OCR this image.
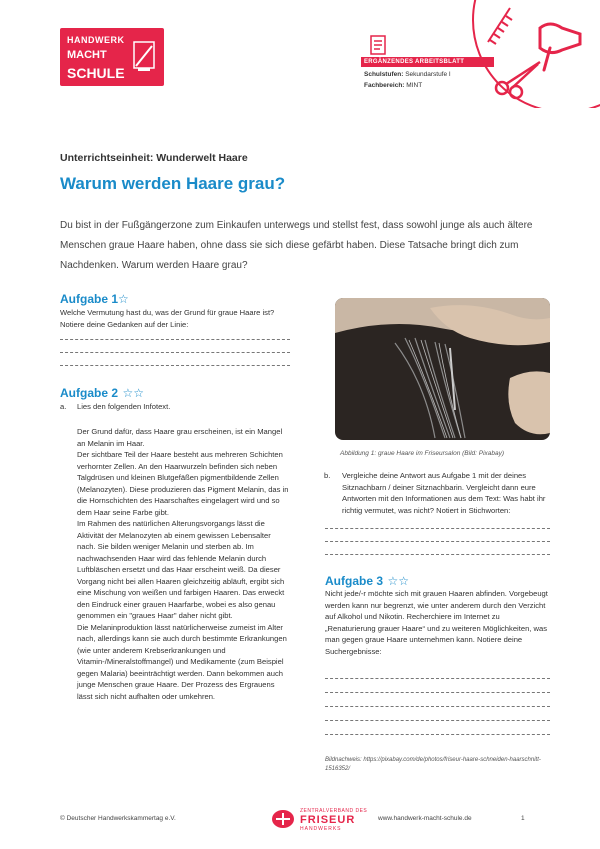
HANDWERK
MACHT
SCHULE
ERGÄNZENDES ARBEITSBLATT
Schulstufen: Sekundarstufe I
Fachbereich: MINT
Unterrichtseinheit: Wunderwelt Haare
Warum werden Haare grau?
Du bist in der Fußgängerzone zum Einkaufen unterwegs und stellst fest, dass sowohl junge als auch ältere Menschen graue Haare haben, ohne dass sie sich diese gefärbt haben. Diese Tatsache bringt dich zum Nachdenken. Warum werden Haare grau?
Aufgabe 1☆
Welche Vermutung hast du, was der Grund für graue Haare ist? Notiere deine Gedanken auf der Linie:
Aufgabe 2 ☆☆
a.	Lies den folgenden Infotext.
Der Grund dafür, dass Haare grau erscheinen, ist ein Mangel an Melanin im Haar.
Der sichtbare Teil der Haare besteht aus mehreren Schichten verhornter Zellen. An den Haarwurzeln befinden sich neben Talgdrüsen und kleinen Blutgefäßen pigmentbildende Zellen (Melanozyten). Diese produzieren das Pigment Melanin, das in die Hornschichten des Haarschaftes eingelagert wird und so dem Haar seine Farbe gibt.
Im Rahmen des natürlichen Alterungsvorgangs lässt die Aktivität der Melanozyten ab einem gewissen Lebensalter nach. Sie bilden weniger Melanin und sterben ab. Im nachwachsenden Haar wird das fehlende Melanin durch Luftbläschen ersetzt und das Haar erscheint weiß. Da dieser Vorgang nicht bei allen Haaren gleichzeitig abläuft, ergibt sich eine Mischung von weißen und farbigen Haaren. Das erweckt den Eindruck einer grauen Haarfarbe, wobei es also genau genommen ein "graues Haar" daher nicht gibt.
Die Melaninproduktion lässt natürlicherweise zumeist im Alter nach, allerdings kann sie auch durch bestimmte Erkrankungen (wie unter anderem Krebserkrankungen und Vitamin-/Mineralstoffmangel) und Medikamente (zum Beispiel gegen Malaria) beeinträchtigt werden. Dann bekommen auch junge Menschen graue Haare. Der Prozess des Ergrauens lässt sich nicht aufhalten oder umkehren.
Abbildung 1: graue Haare im Friseursalon (Bild: Pixabay)
b.	Vergleiche deine Antwort aus Aufgabe 1 mit der deines Sitznachbarn / deiner Sitznachbarin. Vergleicht dann eure Antworten mit den Informationen aus dem Text: Was habt ihr richtig vermutet, was nicht? Notiert in Stichworten:
Aufgabe 3 ☆☆
Nicht jede/-r möchte sich mit grauen Haaren abfinden. Vorgebeugt werden kann nur begrenzt, wie unter anderem durch den Verzicht auf Alkohol und Nikotin. Recherchiere im Internet zu „Renaturierung grauer Haare“ und zu weiteren Möglichkeiten, was man gegen graue Haare unternehmen kann. Notiere deine Suchergebnisse:
Bildnachweis: https://pixabay.com/de/photos/friseur-haare-schneiden-haarschnitt-1516352/
© Deutscher Handwerkskammertag e.V.
ZENTRALVERBAND DES
FRISEUR
HANDWERKS
www.handwerk-macht-schule.de	1
